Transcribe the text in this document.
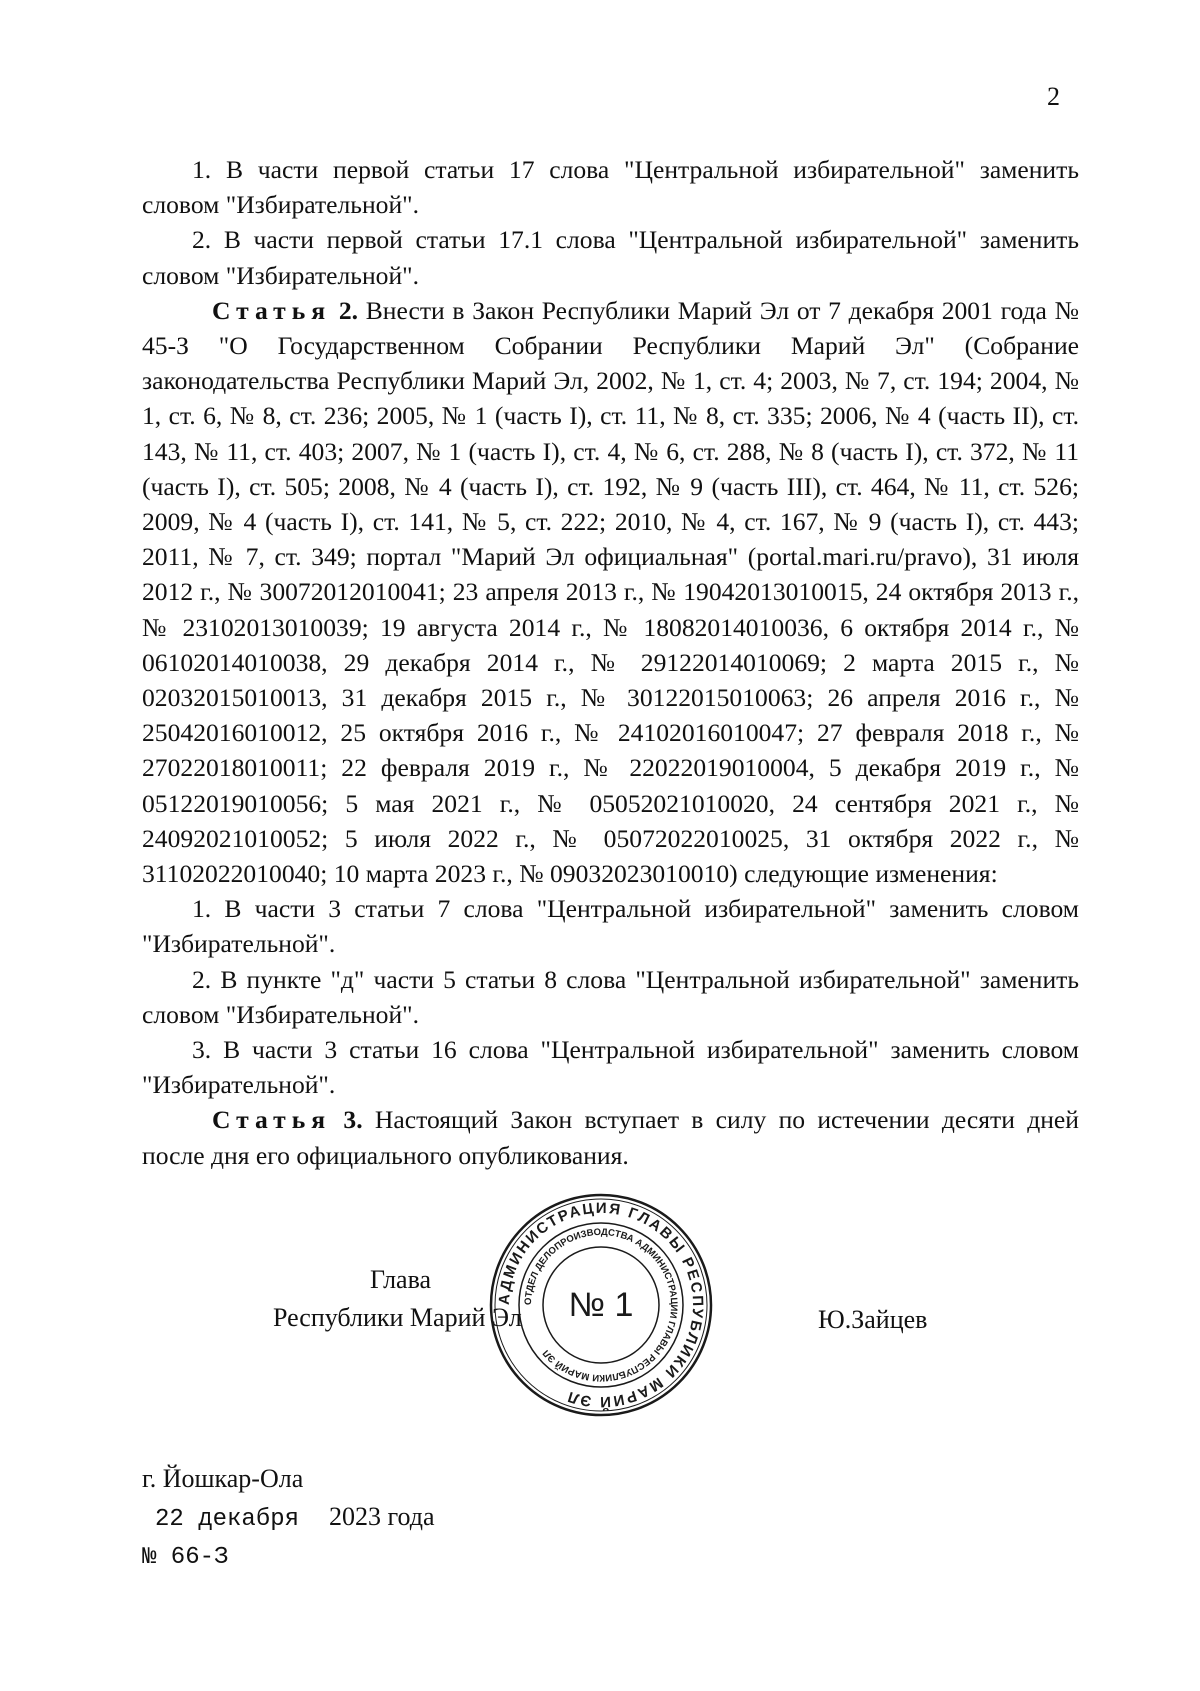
2

1. В части первой статьи 17 слова "Центральной избирательной" заменить словом "Избирательной".

2. В части первой статьи 17.1 слова "Центральной избирательной" заменить словом "Избирательной".

Статья 2. Внести в Закон Республики Марий Эл от 7 декабря 2001 года № 45-З "О Государственном Собрании Республики Марий Эл" (Собрание законодательства Республики Марий Эл, 2002, № 1, ст. 4; 2003, № 7, ст. 194; 2004, № 1, ст. 6, № 8, ст. 236; 2005, № 1 (часть I), ст. 11, № 8, ст. 335; 2006, № 4 (часть II), ст. 143, № 11, ст. 403; 2007, № 1 (часть I), ст. 4, № 6, ст. 288, № 8 (часть I), ст. 372, № 11 (часть I), ст. 505; 2008, № 4 (часть I), ст. 192, № 9 (часть III), ст. 464, № 11, ст. 526; 2009, № 4 (часть I), ст. 141, № 5, ст. 222; 2010, № 4, ст. 167, № 9 (часть I), ст. 443; 2011, № 7, ст. 349; портал "Марий Эл официальная" (portal.mari.ru/pravo), 31 июля 2012 г., № 30072012010041; 23 апреля 2013 г., № 19042013010015, 24 октября 2013 г., № 23102013010039; 19 августа 2014 г., № 18082014010036, 6 октября 2014 г., № 06102014010038, 29 декабря 2014 г., № 29122014010069; 2 марта 2015 г., № 02032015010013, 31 декабря 2015 г., № 30122015010063; 26 апреля 2016 г., № 25042016010012, 25 октября 2016 г., № 24102016010047; 27 февраля 2018 г., № 27022018010011; 22 февраля 2019 г., № 22022019010004, 5 декабря 2019 г., № 05122019010056; 5 мая 2021 г., № 05052021010020, 24 сентября 2021 г., № 24092021010052; 5 июля 2022 г., № 05072022010025, 31 октября 2022 г., № 31102022010040; 10 марта 2023 г., № 09032023010010) следующие изменения:

1. В части 3 статьи 7 слова "Центральной избирательной" заменить словом "Избирательной".

2. В пункте "д" части 5 статьи 8 слова "Центральной избирательной" заменить словом "Избирательной".

3. В части 3 статьи 16 слова "Центральной избирательной" заменить словом "Избирательной".

Статья 3. Настоящий Закон вступает в силу по истечении десяти дней после дня его официального опубликования.

Глава
Республики Марий Эл	Ю.Зайцев
АДМИНИСТРАЦИЯ ГЛАВЫ РЕСПУБЛИКИ МАРИЙ ЭЛ
ОТДЕЛ ДЕЛОПРОИЗВОДСТВА АДМИНИСТРАЦИИ ГЛАВЫ РЕСПУБЛИКИ МАРИЙ ЭЛ
№ 1
г. Йошкар-Ола
22 декабря 2023 года
№ 66-З
